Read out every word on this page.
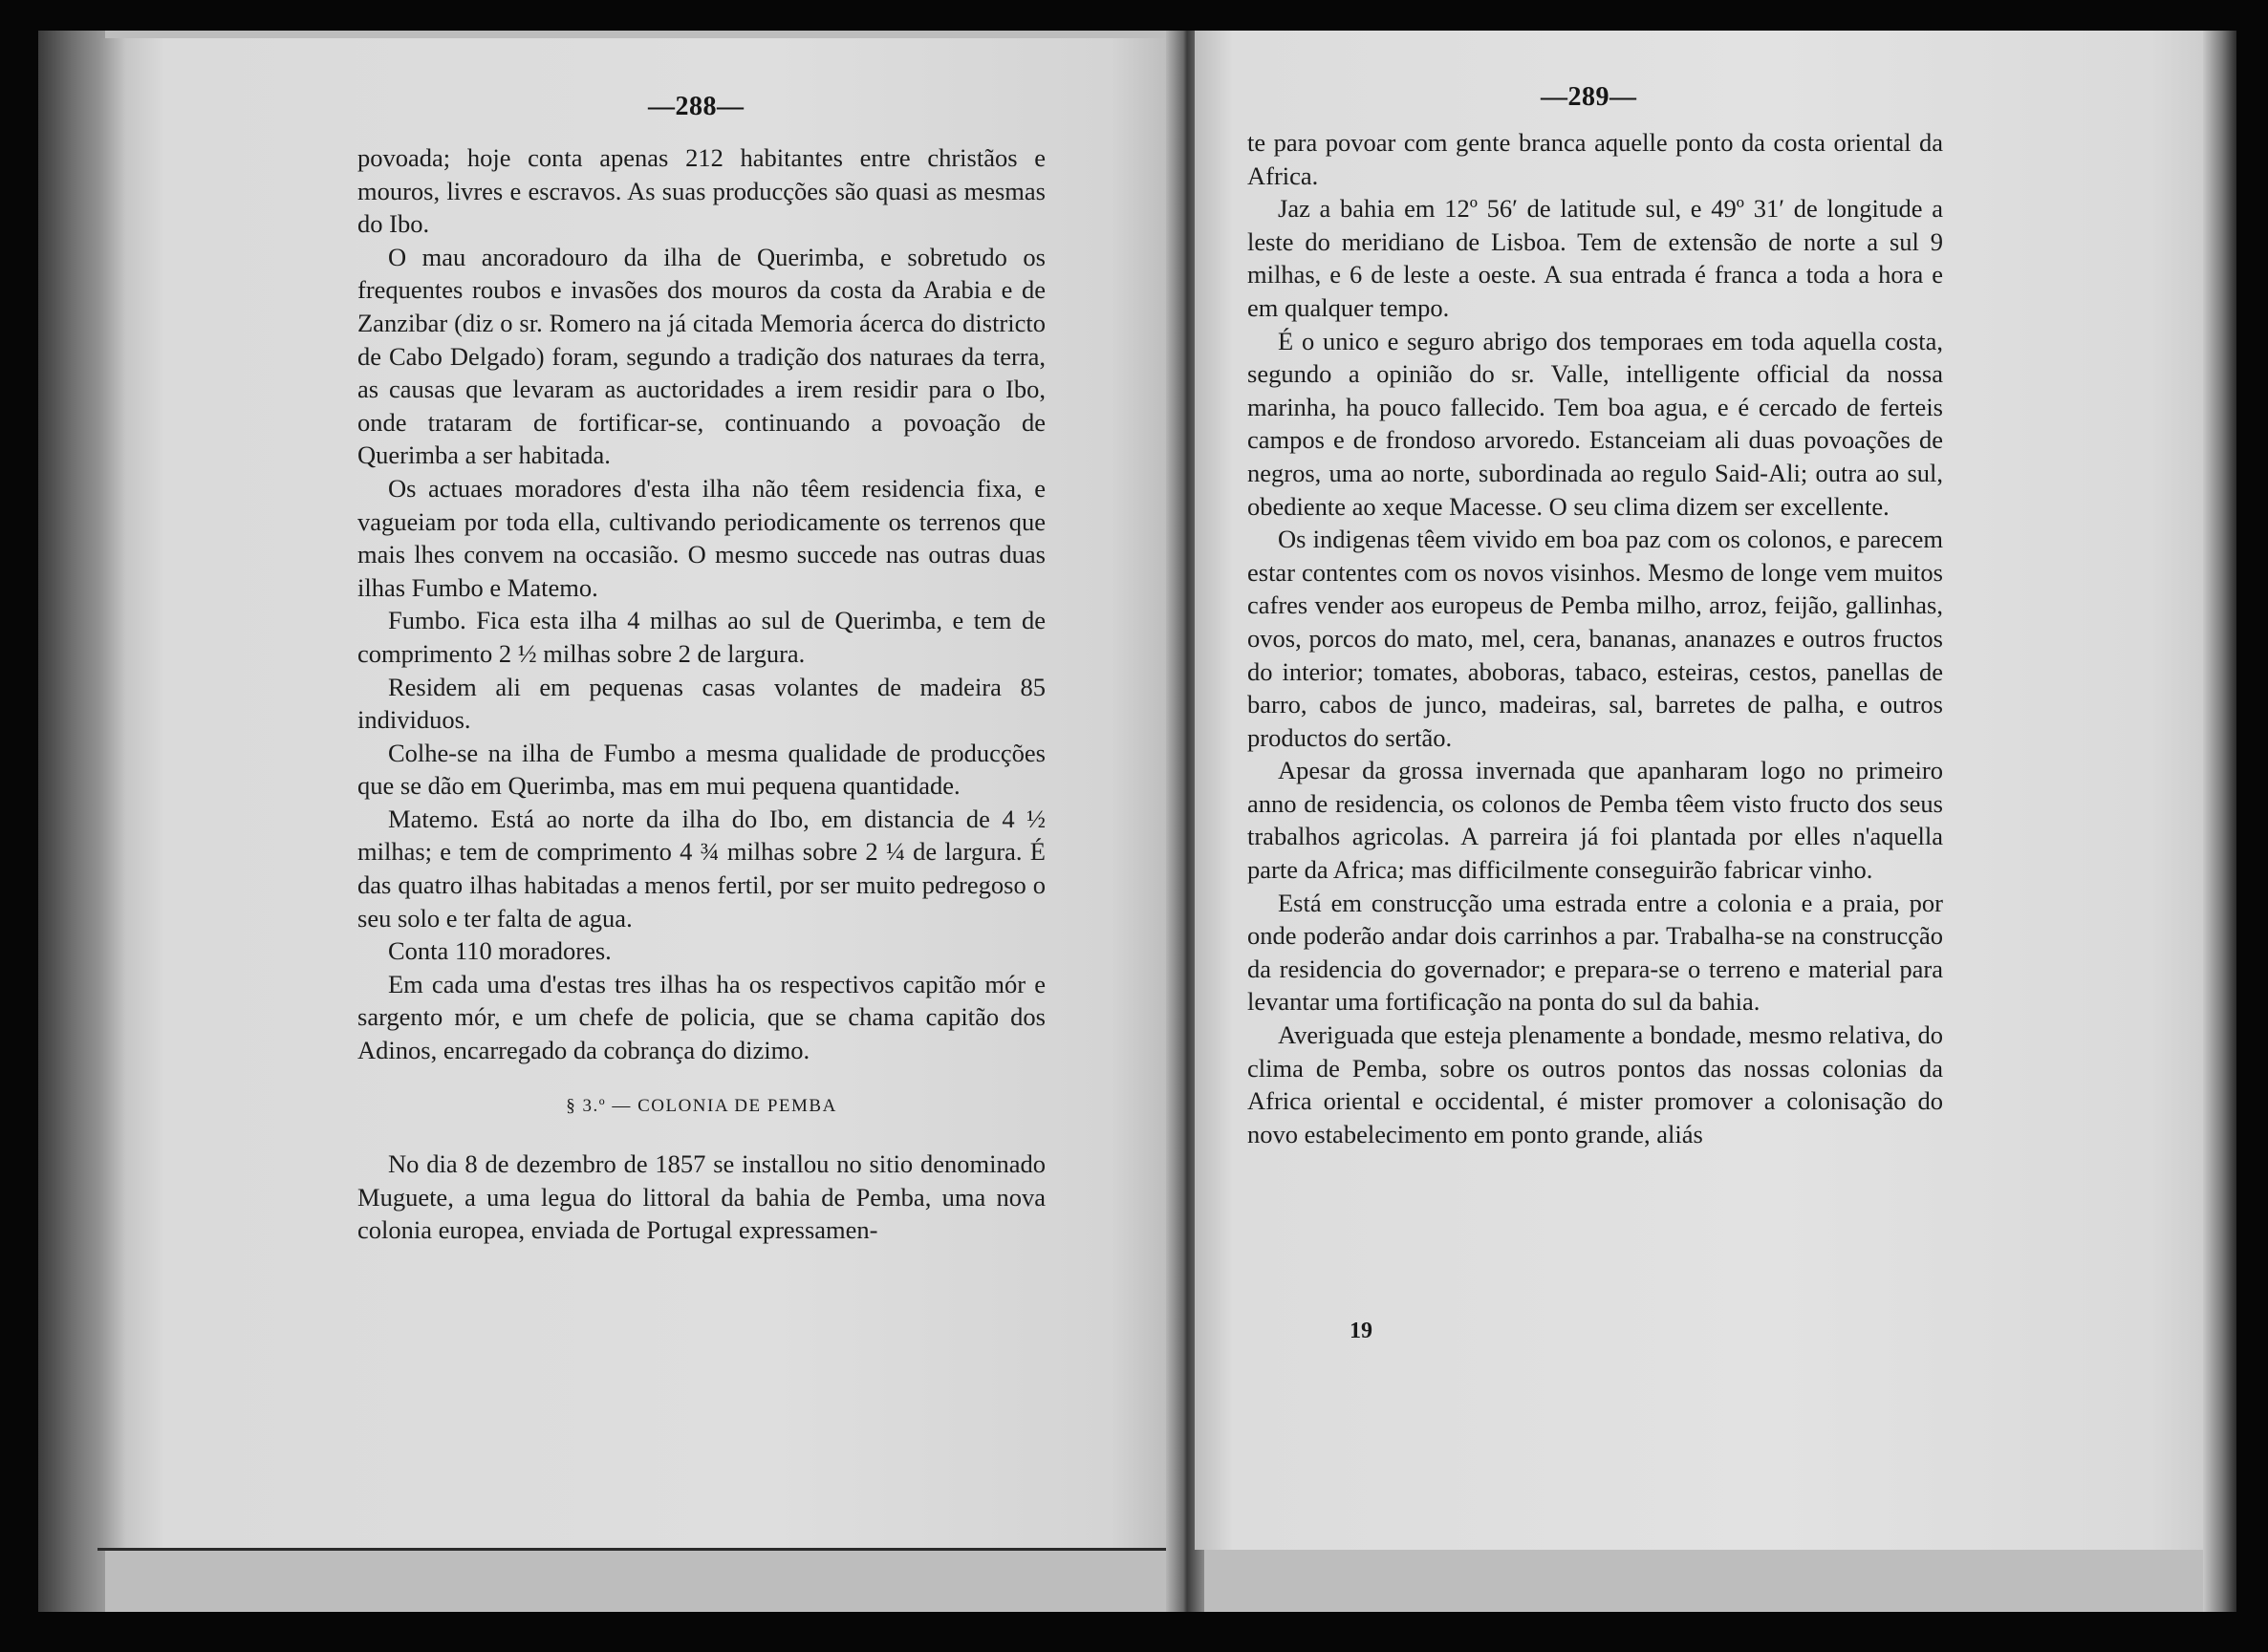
—288—

povoada; hoje conta apenas 212 habitantes entre christãos e mouros, livres e escravos. As suas producções são quasi as mesmas do Ibo.

O mau ancoradouro da ilha de Querimba, e sobretudo os frequentes roubos e invasões dos mouros da costa da Arabia e de Zanzibar (diz o sr. Romero na já citada Memoria ácerca do districto de Cabo Delgado) foram, segundo a tradição dos naturaes da terra, as causas que levaram as auctoridades a irem residir para o Ibo, onde trataram de fortificar-se, continuando a povoação de Querimba a ser habitada.

Os actuaes moradores d'esta ilha não têem residencia fixa, e vagueiam por toda ella, cultivando periodicamente os terrenos que mais lhes convem na occasião. O mesmo succede nas outras duas ilhas Fumbo e Matemo.

Fumbo. Fica esta ilha 4 milhas ao sul de Querimba, e tem de comprimento 2 ½ milhas sobre 2 de largura.

Residem ali em pequenas casas volantes de madeira 85 individuos.

Colhe-se na ilha de Fumbo a mesma qualidade de producções que se dão em Querimba, mas em mui pequena quantidade.

Matemo. Está ao norte da ilha do Ibo, em distancia de 4 ½ milhas; e tem de comprimento 4 ¾ milhas sobre 2 ¼ de largura. É das quatro ilhas habitadas a menos fertil, por ser muito pedregoso o seu solo e ter falta de agua.

Conta 110 moradores.

Em cada uma d'estas tres ilhas ha os respectivos capitão mór e sargento mór, e um chefe de policia, que se chama capitão dos Adinos, encarregado da cobrança do dizimo.

§ 3.º — COLONIA DE PEMBA

No dia 8 de dezembro de 1857 se installou no sitio denominado Muguete, a uma legua do littoral da bahia de Pemba, uma nova colonia europea, enviada de Portugal expressamen-

—289—

te para povoar com gente branca aquelle ponto da costa oriental da Africa.

Jaz a bahia em 12º 56′ de latitude sul, e 49º 31′ de longitude a leste do meridiano de Lisboa. Tem de extensão de norte a sul 9 milhas, e 6 de leste a oeste. A sua entrada é franca a toda a hora e em qualquer tempo.

É o unico e seguro abrigo dos temporaes em toda aquella costa, segundo a opinião do sr. Valle, intelligente official da nossa marinha, ha pouco fallecido. Tem boa agua, e é cercado de ferteis campos e de frondoso arvoredo. Estanceiam ali duas povoações de negros, uma ao norte, subordinada ao regulo Said-Ali; outra ao sul, obediente ao xeque Macesse. O seu clima dizem ser excellente.

Os indigenas têem vivido em boa paz com os colonos, e parecem estar contentes com os novos visinhos. Mesmo de longe vem muitos cafres vender aos europeus de Pemba milho, arroz, feijão, gallinhas, ovos, porcos do mato, mel, cera, bananas, ananazes e outros fructos do interior; tomates, aboboras, tabaco, esteiras, cestos, panellas de barro, cabos de junco, madeiras, sal, barretes de palha, e outros productos do sertão.

Apesar da grossa invernada que apanharam logo no primeiro anno de residencia, os colonos de Pemba têem visto fructo dos seus trabalhos agricolas. A parreira já foi plantada por elles n'aquella parte da Africa; mas difficilmente conseguirão fabricar vinho.

Está em construcção uma estrada entre a colonia e a praia, por onde poderão andar dois carrinhos a par. Trabalha-se na construcção da residencia do governador; e prepara-se o terreno e material para levantar uma fortificação na ponta do sul da bahia.

Averiguada que esteja plenamente a bondade, mesmo relativa, do clima de Pemba, sobre os outros pontos das nossas colonias da Africa oriental e occidental, é mister promover a colonisação do novo estabelecimento em ponto grande, aliás

19
